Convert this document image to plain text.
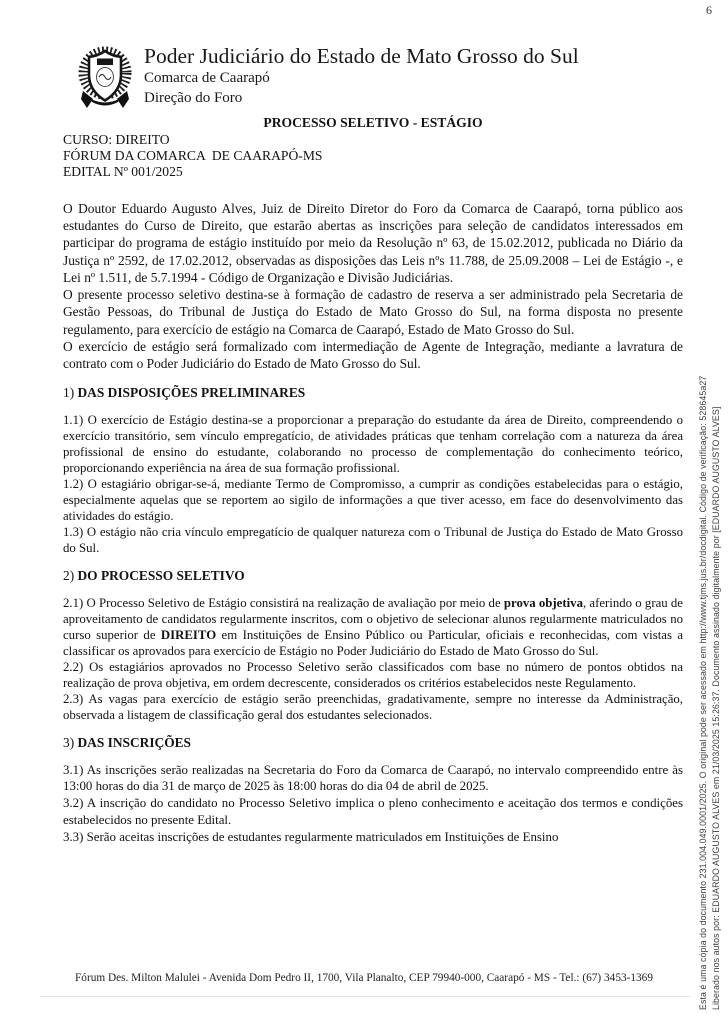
6
Poder Judiciário do Estado de Mato Grosso do Sul
Comarca de Caarapó
Direção do Foro
PROCESSO SELETIVO - ESTÁGIO

CURSO: DIREITO

FÓRUM DA COMARCA  DE CAARAPÓ-MS

EDITAL Nº 001/2025

O Doutor Eduardo Augusto Alves, Juiz de Direito Diretor do Foro da Comarca de Caarapó, torna público aos estudantes do Curso de Direito, que estarão abertas as inscrições para seleção de candidatos interessados em participar do programa de estágio instituído por meio da Resolução nº 63, de 15.02.2012, publicada no Diário da Justiça nº 2592, de 17.02.2012, observadas as disposições das Leis nºs 11.788, de 25.09.2008 – Lei de Estágio -, e Lei nº 1.511, de 5.7.1994 - Código de Organização e Divisão Judiciárias.

O presente processo seletivo destina-se à formação de cadastro de reserva a ser administrado pela Secretaria de Gestão Pessoas, do Tribunal de Justiça do Estado de Mato Grosso do Sul, na forma disposta no presente regulamento, para exercício de estágio na Comarca de Caarapó, Estado de Mato Grosso do Sul.

O exercício de estágio será formalizado com intermediação de Agente de Integração, mediante a lavratura de contrato com o Poder Judiciário do Estado de Mato Grosso do Sul.

1) DAS DISPOSIÇÕES PRELIMINARES

1.1) O exercício de Estágio destina-se a proporcionar a preparação do estudante da área de Direito, compreendendo o exercício transitório, sem vínculo empregatício, de atividades práticas que tenham correlação com a natureza da área profissional de ensino do estudante, colaborando no processo de complementação do conhecimento teórico, proporcionando experiência na área de sua formação profissional.

1.2) O estagiário obrigar-se-á, mediante Termo de Compromisso, a cumprir as condições estabelecidas para o estágio, especialmente aquelas que se reportem ao sigilo de informações a que tiver acesso, em face do desenvolvimento das atividades do estágio.

1.3) O estágio não cria vínculo empregatício de qualquer natureza com o Tribunal de Justiça do Estado de Mato Grosso do Sul.

2) DO PROCESSO SELETIVO

2.1) O Processo Seletivo de Estágio consistirá na realização de avaliação por meio de prova objetiva, aferindo o grau de aproveitamento de candidatos regularmente inscritos, com o objetivo de selecionar alunos regularmente matriculados no curso superior de DIREITO em Instituições de Ensino Público ou Particular, oficiais e reconhecidas, com vistas a classificar os aprovados para exercício de Estágio no Poder Judiciário do Estado de Mato Grosso do Sul.

2.2) Os estagiários aprovados no Processo Seletivo serão classificados com base no número de pontos obtidos na realização de prova objetiva, em ordem decrescente, considerados os critérios estabelecidos neste Regulamento.

2.3) As vagas para exercício de estágio serão preenchidas, gradativamente, sempre no interesse da Administração, observada a listagem de classificação geral dos estudantes selecionados.

3) DAS INSCRIÇÕES

3.1) As inscrições serão realizadas na Secretaria do Foro da Comarca de Caarapó, no intervalo compreendido entre às 13:00 horas do dia 31 de março de 2025 às 18:00 horas do dia 04 de abril de 2025.

3.2) A inscrição do candidato no Processo Seletivo implica o pleno conhecimento e aceitação dos termos e condições estabelecidos no presente Edital.

3.3) Serão aceitas inscrições de estudantes regularmente matriculados em Instituições de Ensino

Fórum Des. Milton Malulei - Avenida Dom Pedro II, 1700, Vila Planalto, CEP 79940-000, Caarapó - MS - Tel.: (67) 3453-1369	Esta é uma cópia do documento 231.004.049.0001/2025. O original pode ser acessado em http://www.tjms.jus.br/docdigital. Código de verificação: 528645a27 Liberado nos autos por: EDUARDO AUGUSTO ALVES em 21/03/2025 15:26:37. Documento assinado digitalmente por [EDUARDO AUGUSTO ALVES]
